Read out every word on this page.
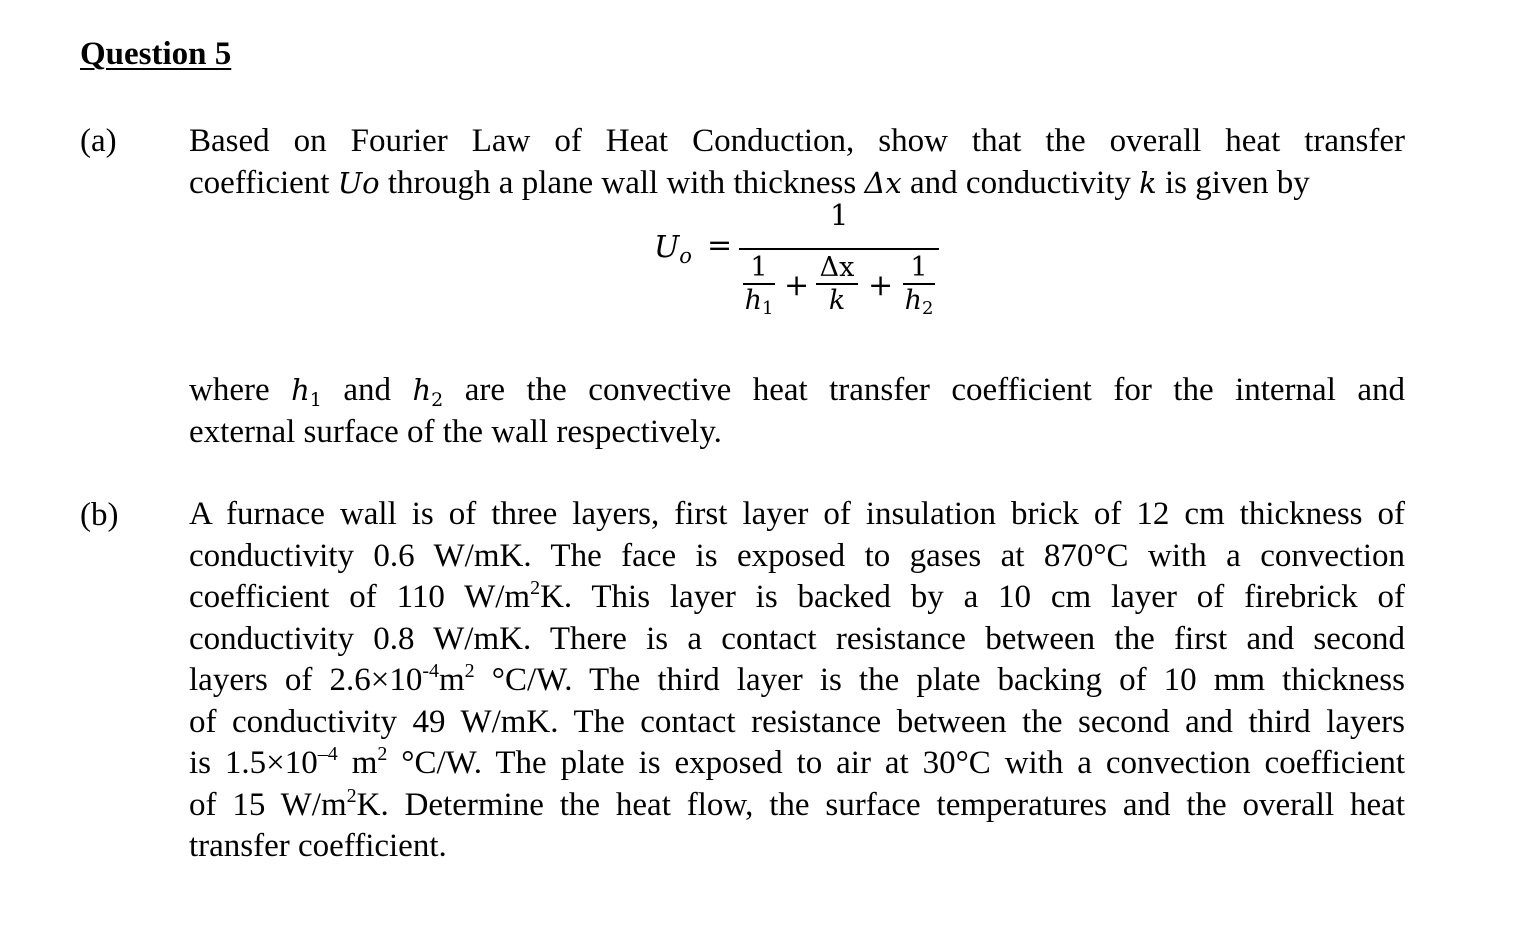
Question 5
(a) Based on Fourier Law of Heat Conduction, show that the overall heat transfer
coefficient Uo through a plane wall with thickness Δx and conductivity k is given by
$U_o$ =
1
1
$h_1$
+
Δx
k +
1
$h_2$
where $h_1$ and $h_2$ are the convective heat transfer coefficient for the internal and
external surface of the wall respectively.
(b) A furnace wall is of three layers, first layer of insulation brick of 12 cm thickness of
conductivity 0.6 W/mK. The face is exposed to gases at 870°C with a convection
coefficient of 110 $W/m^2K$. This layer is backed by a 10 cm layer of firebrick of
conductivity 0.8 W/mK. There is a contact resistance between the first and second
layers of $2.6\times 10^{-4}m^2$ °C/W. The third layer is the plate backing of 10 mm thickness
of conductivity 49 W/mK. The contact resistance between the second and third layers
is $1.5\times 10^{-4}$ $m^2$ °C/W. The plate is exposed to air at 30°C with a convection coefficient
of 15 $W/m^2K$. Determine the heat flow, the surface temperatures and the overall heat
transfer coefficient.
